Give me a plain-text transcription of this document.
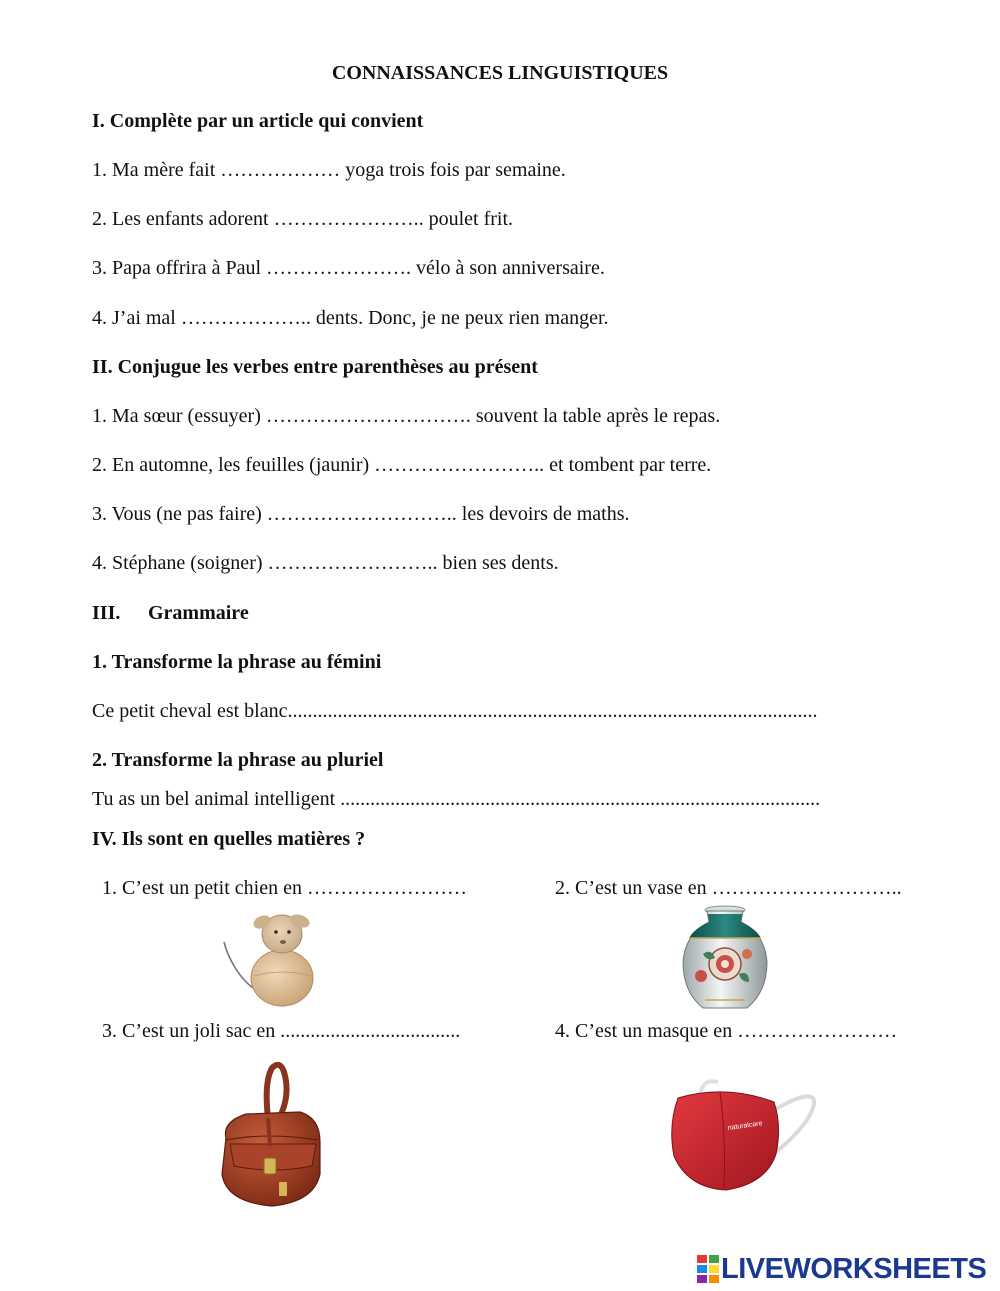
CONNAISSANCES LINGUISTIQUES
I. Complète par un article qui convient
1. Ma mère fait ……………… yoga trois fois par semaine.
2. Les enfants adorent ………………….. poulet frit.
3. Papa offrira à Paul …………………. vélo à son anniversaire.
4. J’ai mal ……………….. dents. Donc, je ne peux rien manger.
II. Conjugue les verbes entre parenthèses au présent
1. Ma sœur (essuyer) …………………………. souvent la table après le repas.
2. En automne, les feuilles (jaunir) …………………….. et tombent par terre.
3. Vous (ne pas faire) ……………………….. les devoirs de maths.
4. Stéphane (soigner) …………………….. bien ses dents.
III. Grammaire
1. Transforme la phrase au fémini
Ce petit cheval est blanc..........................................................................................................
2. Transforme la phrase au pluriel
Tu as un bel animal intelligent ................................................................................................
IV. Ils sont en quelles matières ?
1. C’est un petit chien en ……………………	2. C’est un vase en ………………………..
3. C’est un joli sac en ....................................	4. C’est un masque en ……………………
naturalcare
LIVEWORKSHEETS
